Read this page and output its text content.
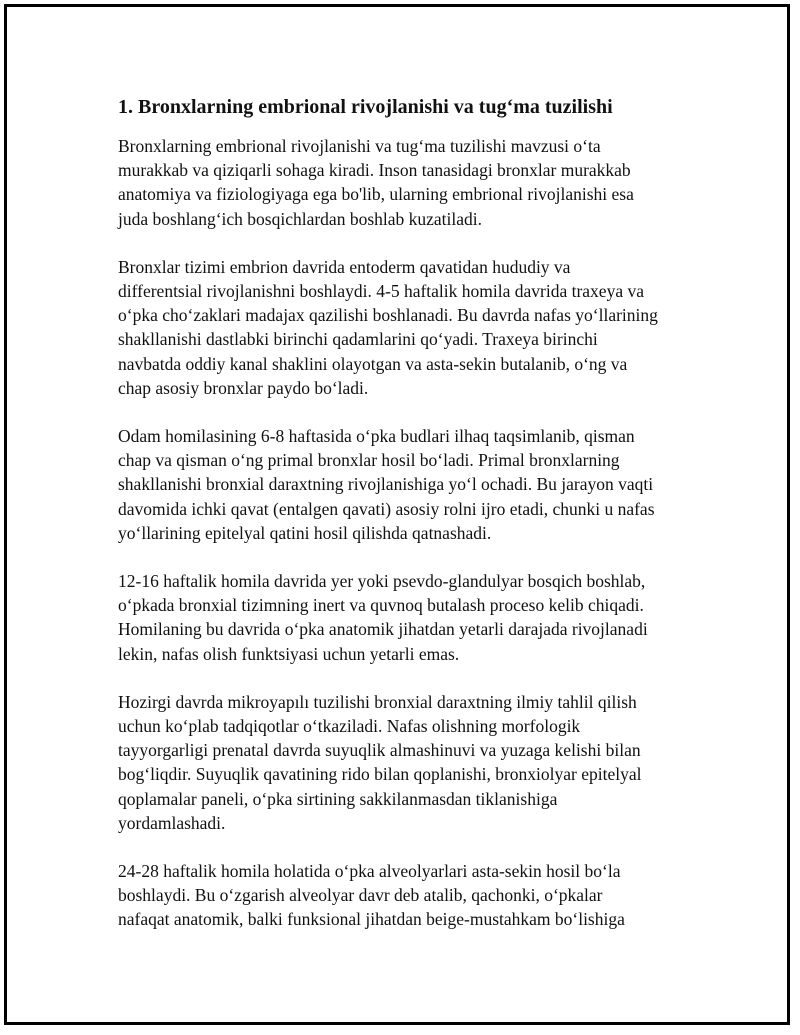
1. Bronxlarning embrional rivojlanishi va tug‘ma tuzilishi

Bronxlarning embrional rivojlanishi va tug‘ma tuzilishi mavzusi o‘ta
murakkab va qiziqarli sohaga kiradi. Inson tanasidagi bronxlar murakkab
anatomiya va fiziologiyaga ega bo'lib, ularning embrional rivojlanishi esa
juda boshlang‘ich bosqichlardan boshlab kuzatiladi.

Bronxlar tizimi embrion davrida entoderm qavatidan hududiy va
differentsial rivojlanishni boshlaydi. 4-5 haftalik homila davrida traxeya va
o‘pka cho‘zaklari madajax qazilishi boshlanadi. Bu davrda nafas yo‘llarining
shakllanishi dastlabki birinchi qadamlarini qo‘yadi. Traxeya birinchi
navbatda oddiy kanal shaklini olayotgan va asta-sekin butalanib, o‘ng va
chap asosiy bronxlar paydo bo‘ladi.

Odam homilasining 6-8 haftasida o‘pka budlari ilhaq taqsimlanib, qisman
chap va qisman o‘ng primal bronxlar hosil bo‘ladi. Primal bronxlarning
shakllanishi bronxial daraxtning rivojlanishiga yo‘l ochadi. Bu jarayon vaqti
davomida ichki qavat (entalgen qavati) asosiy rolni ijro etadi, chunki u nafas
yo‘llarining epitelyal qatini hosil qilishda qatnashadi.

12-16 haftalik homila davrida yer yoki psevdo-glandulyar bosqich boshlab,
o‘pkada bronxial tizimning inert va quvnoq butalash proceso kelib chiqadi.
Homilaning bu davrida o‘pka anatomik jihatdan yetarli darajada rivojlanadi
lekin, nafas olish funktsiyasi uchun yetarli emas.

Hozirgi davrda mikroyapılı tuzilishi bronxial daraxtning ilmiy tahlil qilish
uchun ko‘plab tadqiqotlar o‘tkaziladi. Nafas olishning morfologik
tayyorgarligi prenatal davrda suyuqlik almashinuvi va yuzaga kelishi bilan
bog‘liqdir. Suyuqlik qavatining rido bilan qoplanishi, bronxiolyar epitelyal
qoplamalar paneli, o‘pka sirtining sakkilanmasdan tiklanishiga
yordamlashadi.

24-28 haftalik homila holatida o‘pka alveolyarlari asta-sekin hosil bo‘la
boshlaydi. Bu o‘zgarish alveolyar davr deb atalib, qachonki, o‘pkalar
nafaqat anatomik, balki funksional jihatdan beige-mustahkam bo‘lishiga
